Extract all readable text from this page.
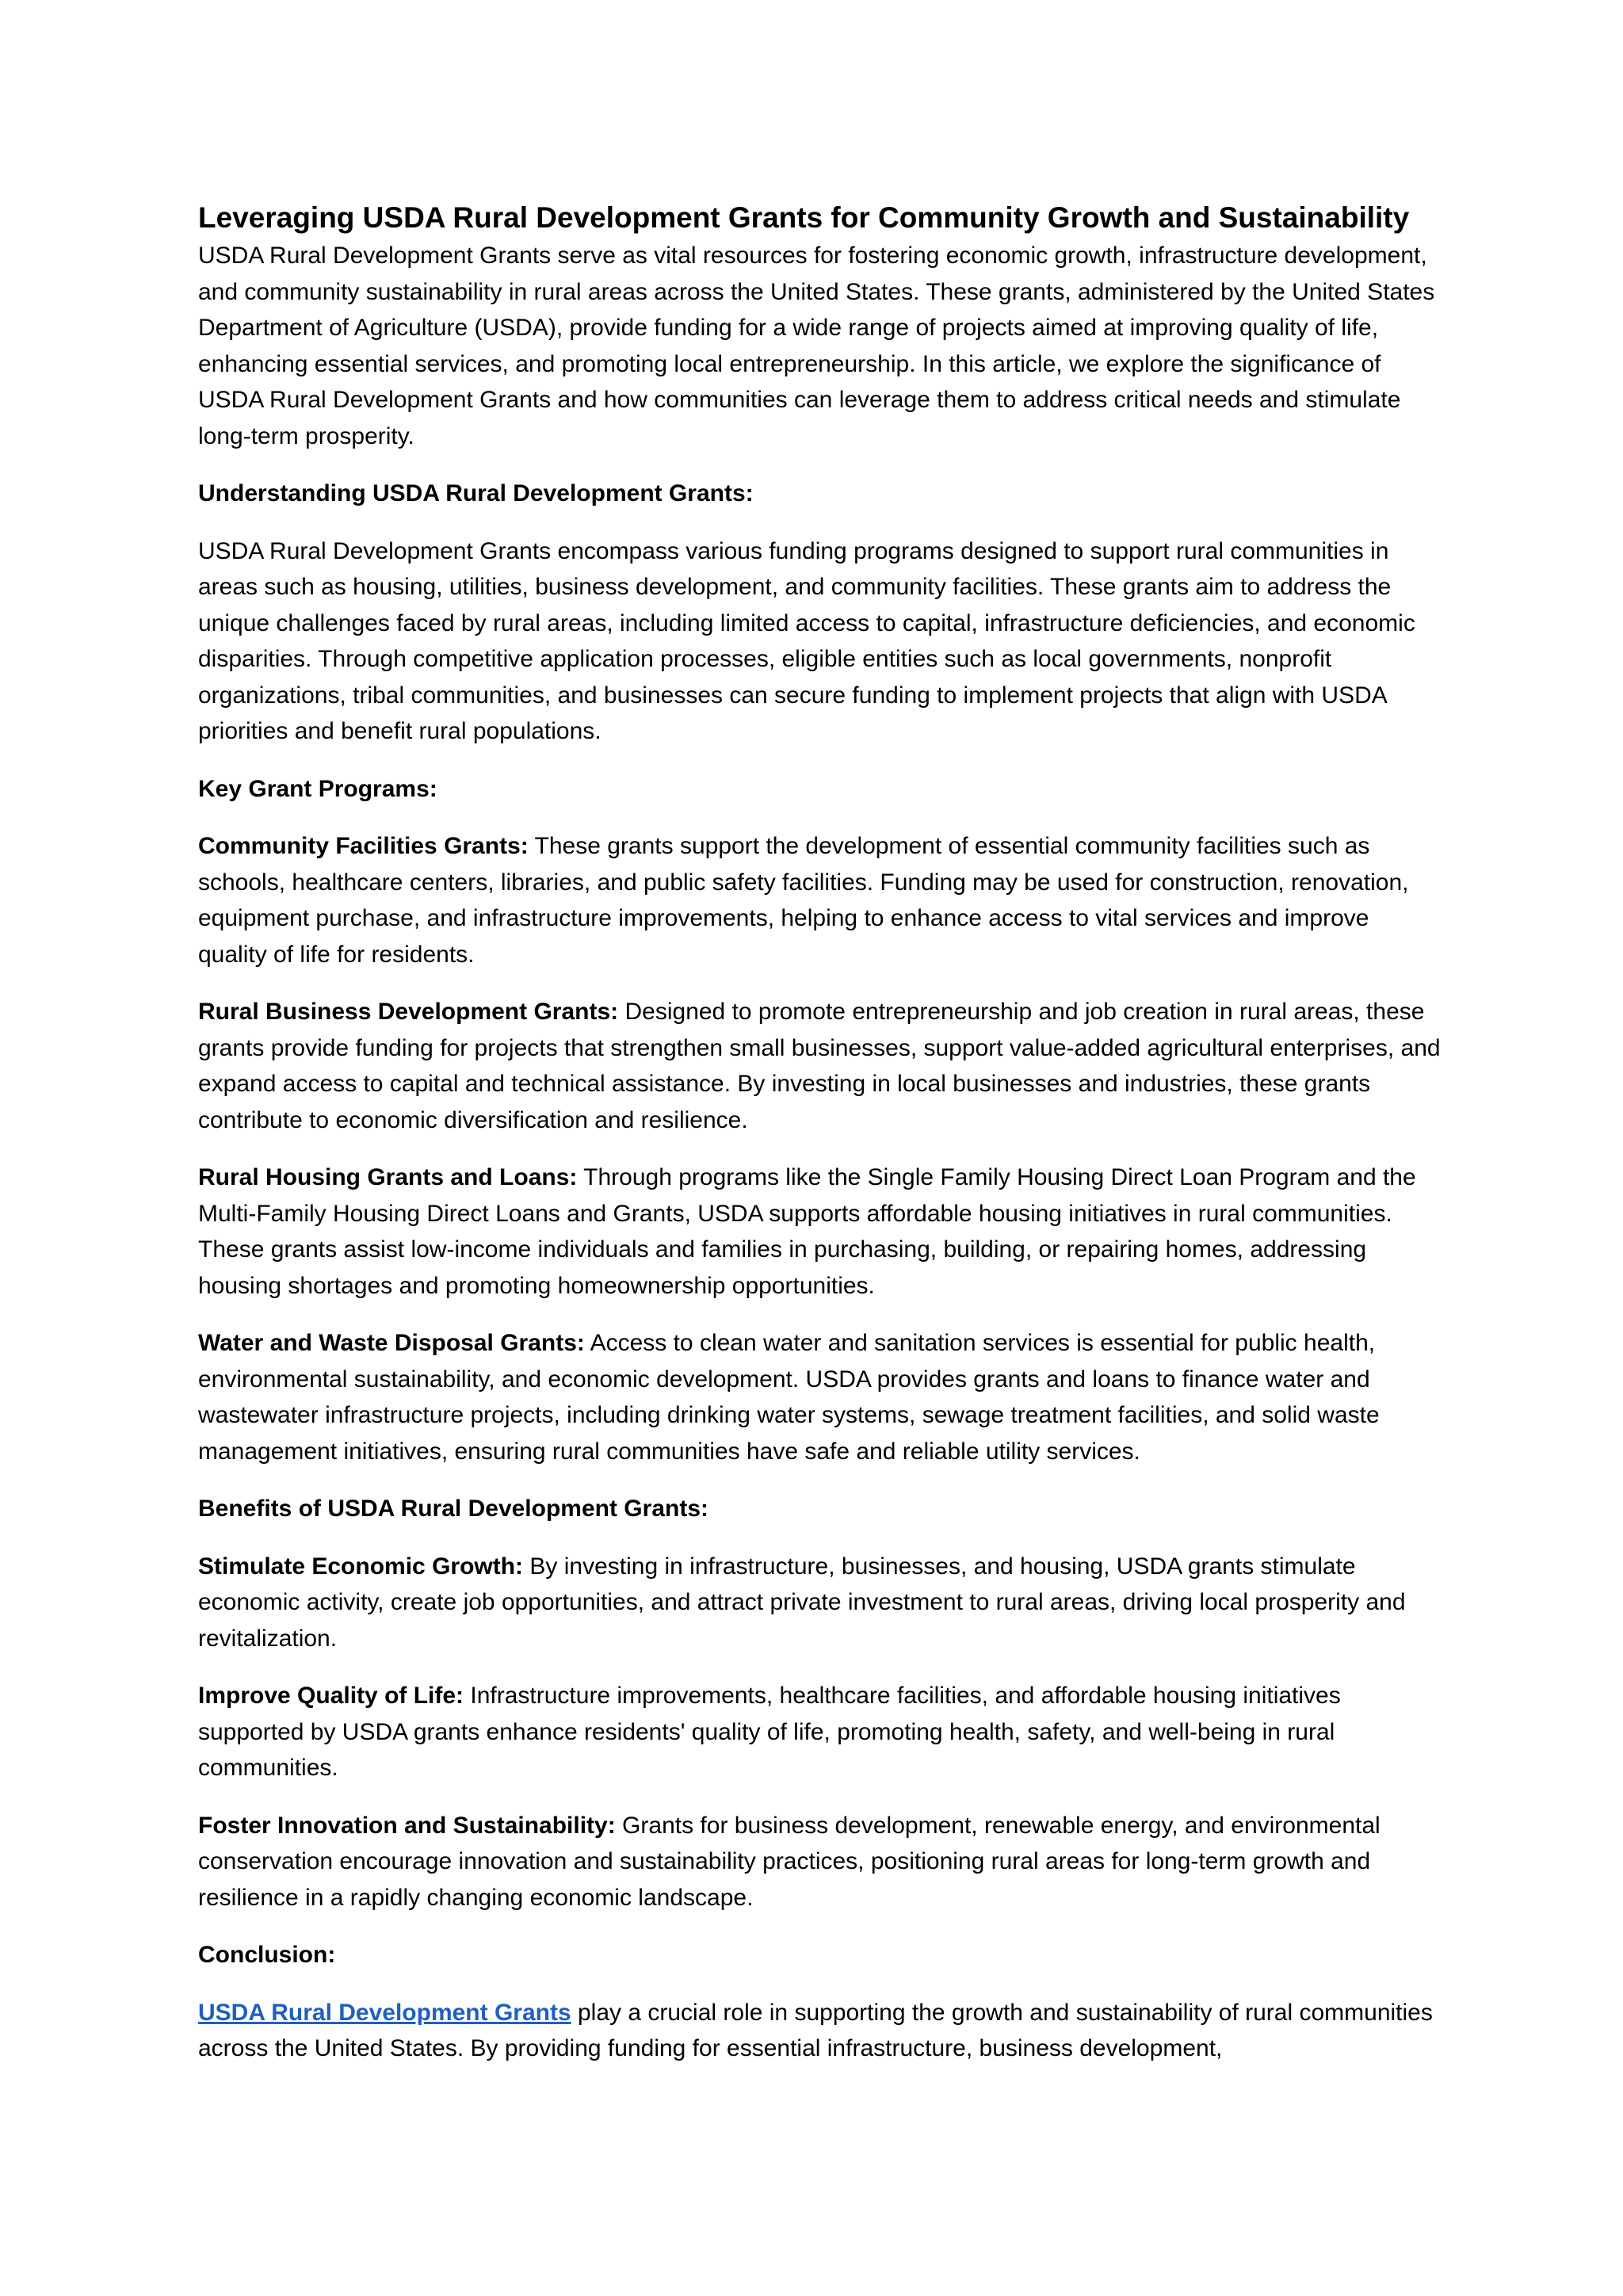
Leveraging USDA Rural Development Grants for Community Growth and Sustainability

USDA Rural Development Grants serve as vital resources for fostering economic growth, infrastructure development, and community sustainability in rural areas across the United States. These grants, administered by the United States Department of Agriculture (USDA), provide funding for a wide range of projects aimed at improving quality of life, enhancing essential services, and promoting local entrepreneurship. In this article, we explore the significance of USDA Rural Development Grants and how communities can leverage them to address critical needs and stimulate long-term prosperity.

Understanding USDA Rural Development Grants:

USDA Rural Development Grants encompass various funding programs designed to support rural communities in areas such as housing, utilities, business development, and community facilities. These grants aim to address the unique challenges faced by rural areas, including limited access to capital, infrastructure deficiencies, and economic disparities. Through competitive application processes, eligible entities such as local governments, nonprofit organizations, tribal communities, and businesses can secure funding to implement projects that align with USDA priorities and benefit rural populations.

Key Grant Programs:

Community Facilities Grants: These grants support the development of essential community facilities such as schools, healthcare centers, libraries, and public safety facilities. Funding may be used for construction, renovation, equipment purchase, and infrastructure improvements, helping to enhance access to vital services and improve quality of life for residents.

Rural Business Development Grants: Designed to promote entrepreneurship and job creation in rural areas, these grants provide funding for projects that strengthen small businesses, support value-added agricultural enterprises, and expand access to capital and technical assistance. By investing in local businesses and industries, these grants contribute to economic diversification and resilience.

Rural Housing Grants and Loans: Through programs like the Single Family Housing Direct Loan Program and the Multi-Family Housing Direct Loans and Grants, USDA supports affordable housing initiatives in rural communities. These grants assist low-income individuals and families in purchasing, building, or repairing homes, addressing housing shortages and promoting homeownership opportunities.

Water and Waste Disposal Grants: Access to clean water and sanitation services is essential for public health, environmental sustainability, and economic development. USDA provides grants and loans to finance water and wastewater infrastructure projects, including drinking water systems, sewage treatment facilities, and solid waste management initiatives, ensuring rural communities have safe and reliable utility services.

Benefits of USDA Rural Development Grants:

Stimulate Economic Growth: By investing in infrastructure, businesses, and housing, USDA grants stimulate economic activity, create job opportunities, and attract private investment to rural areas, driving local prosperity and revitalization.

Improve Quality of Life: Infrastructure improvements, healthcare facilities, and affordable housing initiatives supported by USDA grants enhance residents' quality of life, promoting health, safety, and well-being in rural communities.

Foster Innovation and Sustainability: Grants for business development, renewable energy, and environmental conservation encourage innovation and sustainability practices, positioning rural areas for long-term growth and resilience in a rapidly changing economic landscape.

Conclusion:

USDA Rural Development Grants play a crucial role in supporting the growth and sustainability of rural communities across the United States. By providing funding for essential infrastructure, business development,
